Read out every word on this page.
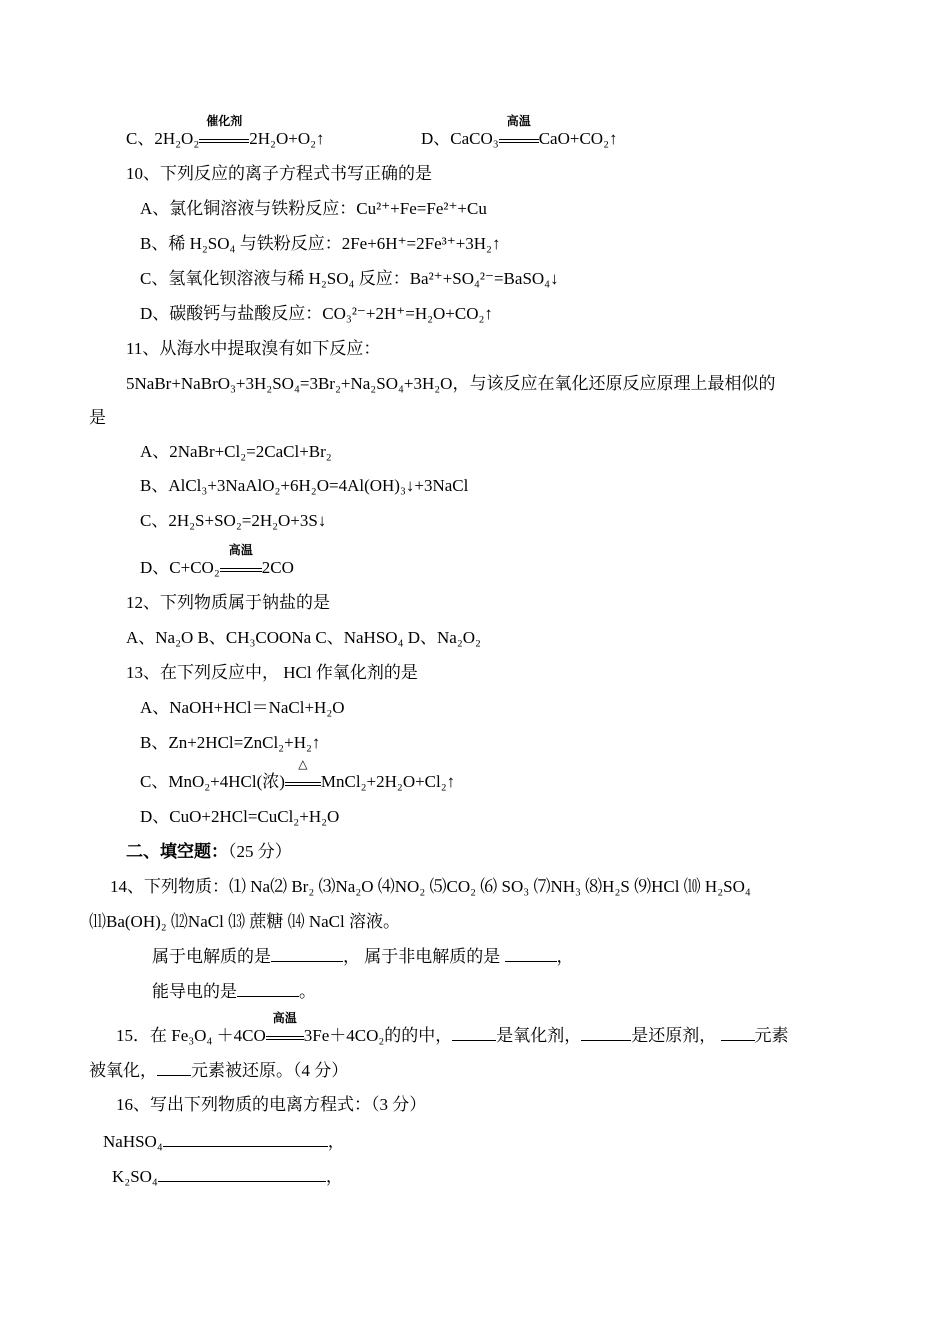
C、2H₂O₂
催化剂
2H₂O+O₂↑	D、CaCO₃
高温
CaO+CO₂↑
10、下列反应的离子方程式书写正确的是
A、氯化铜溶液与铁粉反应：Cu²⁺+Fe=Fe²⁺+Cu
B、稀 H₂SO₄ 与铁粉反应：2Fe+6H⁺=2Fe³⁺+3H₂↑
C、氢氧化钡溶液与稀 H₂SO₄ 反应：Ba²⁺+SO₄²⁻=BaSO₄↓
D、碳酸钙与盐酸反应：CO₃²⁻+2H⁺=H₂O+CO₂↑
11、从海水中提取溴有如下反应：
5NaBr+NaBrO₃+3H₂SO₄=3Br₂+Na₂SO₄+3H₂O，与该反应在氧化还原反应原理上最相似的
是
A、2NaBr+Cl₂=2CaCl+Br₂
B、AlCl₃+3NaAlO₂+6H₂O=4Al(OH)₃↓+3NaCl
C、2H₂S+SO₂=2H₂O+3S↓
D、C+CO₂
高温
2CO
12、下列物质属于钠盐的是
A、Na₂O B、CH₃COONa C、NaHSO₄ D、Na₂O₂
13、在下列反应中， HCl 作氧化剂的是
A、NaOH+HCl＝NaCl+H₂O
B、Zn+2HCl=ZnCl₂+H₂↑
C、MnO₂+4HCl(浓)
△
MnCl₂+2H₂O+Cl₂↑
D、CuO+2HCl=CuCl₂+H₂O
二、填空题：（25 分）
14、下列物质：⑴ Na⑵ Br₂ ⑶Na₂O ⑷NO₂ ⑸CO₂ ⑹ SO₃ ⑺NH₃ ⑻H₂S ⑼HCl ⑽ H₂SO₄
⑾Ba(OH)₂ ⑿NaCl ⒀ 蔗糖 ⒁ NaCl 溶液。
属于电解质的是	， 属于非电解质的是	，
能导电的是	。
15．在 Fe₃O₄ ＋4CO
高温
3Fe＋4CO₂的的中，	是氧化剂，	是还原剂， 元素
被氧化， 元素被还原。（4 分）
16、写出下列物质的电离方程式：（3 分）
NaHSO₄	，
K₂SO₄	，
